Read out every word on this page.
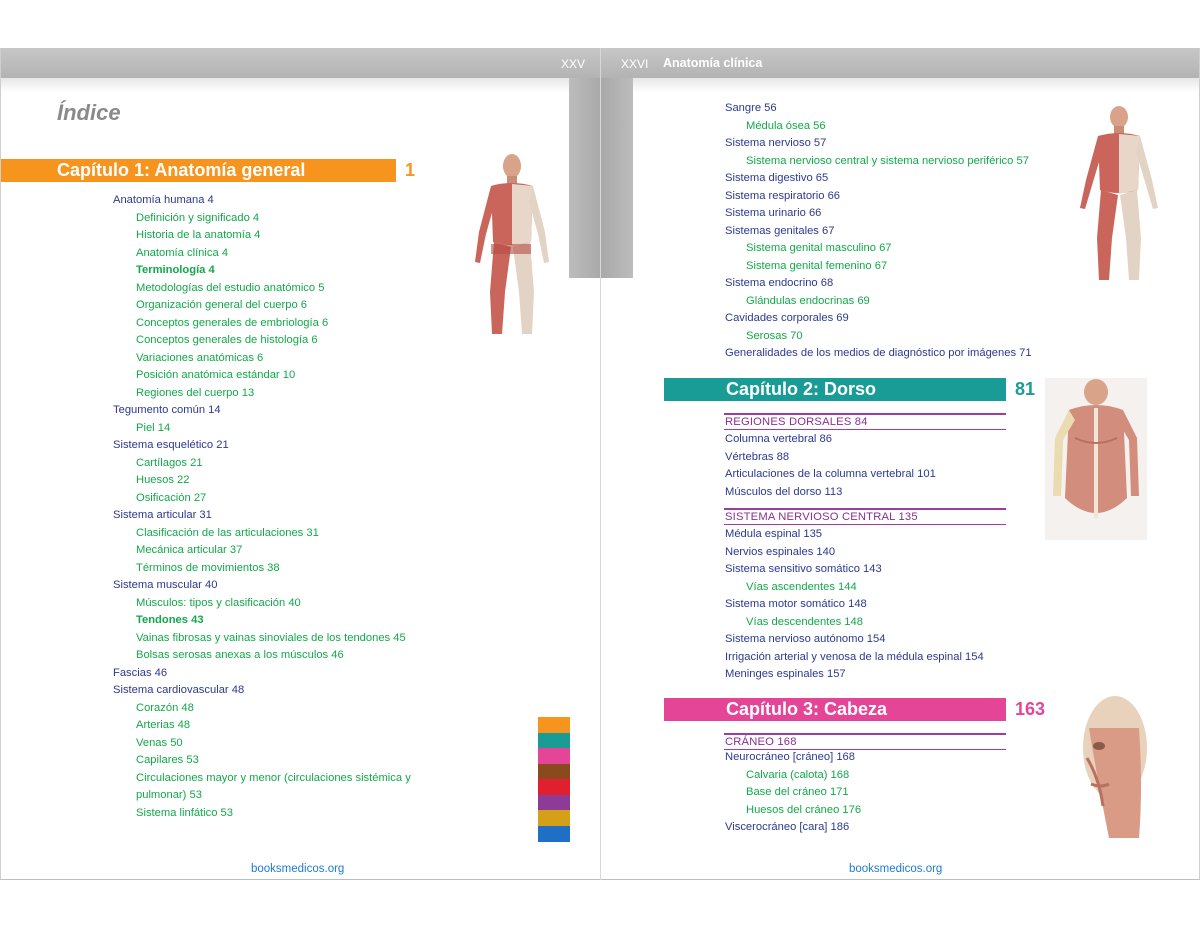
XXV
Índice
Capítulo 1: Anatomía general	1
Anatomía humana 4
Definición y significado 4
Historia de la anatomía 4
Anatomía clínica 4
Terminología 4
Metodologías del estudio anatómico 5
Organización general del cuerpo 6
Conceptos generales de embriología 6
Conceptos generales de histología 6
Variaciones anatómicas 6
Posición anatómica estándar 10
Regiones del cuerpo 13
Tegumento común 14
Piel 14
Sistema esquelético 21
Cartílagos 21
Huesos 22
Osificación 27
Sistema articular 31
Clasificación de las articulaciones 31
Mecánica articular 37
Términos de movimientos 38
Sistema muscular 40
Músculos: tipos y clasificación 40
Tendones 43
Vainas fibrosas y vainas sinoviales de los tendones 45
Bolsas serosas anexas a los músculos 46
Fascias 46
Sistema cardiovascular 48
Corazón 48
Arterias 48
Venas 50
Capilares 53
Circulaciones mayor y menor (circulaciones sistémica y
pulmonar) 53
Sistema linfático 53
booksmedicos.org
XXVI Anatomía clínica
Sangre 56
Médula ósea 56
Sistema nervioso 57
Sistema nervioso central y sistema nervioso periférico 57
Sistema digestivo 65
Sistema respiratorio 66
Sistema urinario 66
Sistemas genitales 67
Sistema genital masculino 67
Sistema genital femenino 67
Sistema endocrino 68
Glándulas endocrinas 69
Cavidades corporales 69
Serosas 70
Generalidades de los medios de diagnóstico por imágenes 71
Capítulo 2: Dorso	81
REGIONES DORSALES 84
Columna vertebral 86
Vértebras 88
Articulaciones de la columna vertebral 101
Músculos del dorso 113
SISTEMA NERVIOSO CENTRAL 135
Médula espinal 135
Nervios espinales 140
Sistema sensitivo somático 143
Vías ascendentes 144
Sistema motor somático 148
Vías descendentes 148
Sistema nervioso autónomo 154
Irrigación arterial y venosa de la médula espinal 154
Meninges espinales 157
Capítulo 3: Cabeza	163
CRÁNEO 168
Neurocráneo [cráneo] 168
Calvaria (calota) 168
Base del cráneo 171
Huesos del cráneo 176
Viscerocráneo [cara] 186
booksmedicos.org
